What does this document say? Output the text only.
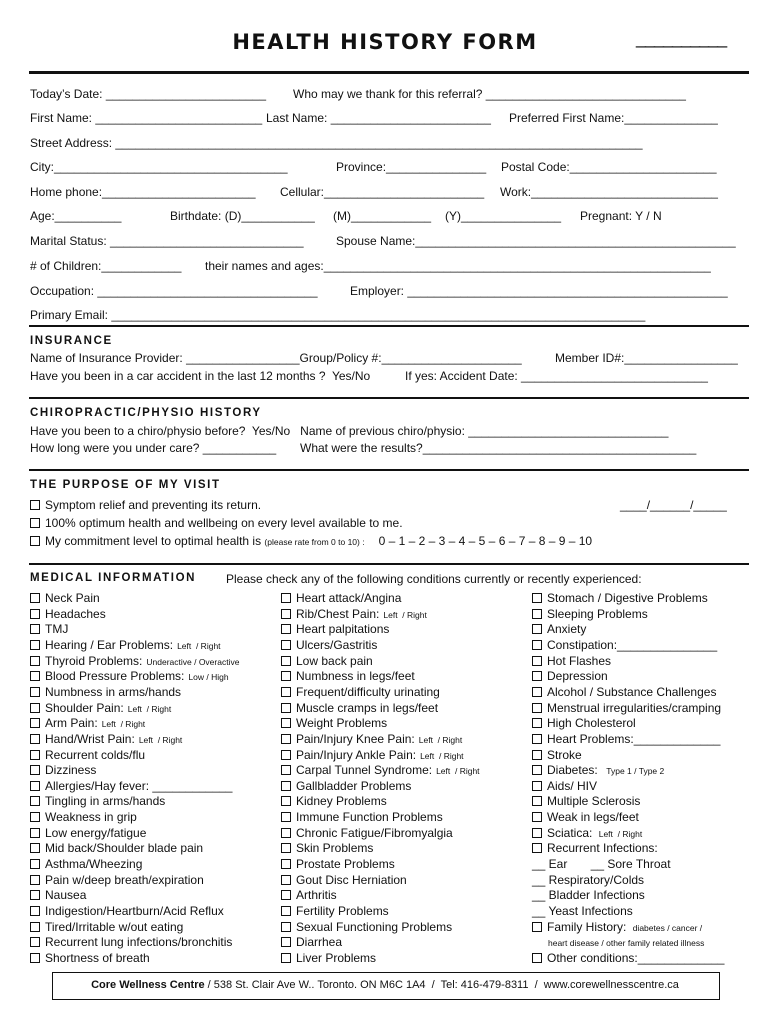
HEALTH HISTORY FORM	__________
Today’s Date: ________________________ Who may we thank for this referral? ______________________________
First Name: _________________________ Last Name: ________________________ Preferred First Name:______________
Street Address: _______________________________________________________________________________
City:___________________________________	Province:_______________ Postal Code:______________________
Home phone:_______________________ Cellular:________________________ Work:____________________________
Age:__________	Birthdate: (D)___________ (M)____________ (Y)_______________ Pregnant: Y / N
Marital Status: _____________________________	Spouse Name:________________________________________________
# of Children:____________ their names and ages:__________________________________________________________
Occupation: _________________________________	Employer: ________________________________________________
Primary Email: ________________________________________________________________________________
INSURANCE
Name of Insurance Provider: _________________Group/Policy #:_____________________	Member ID#:_________________
Have you been in a car accident in the last 12 months ?  Yes/No	If yes: Accident Date: ____________________________
CHIROPRACTIC/PHYSIO HISTORY
Have you been to a chiro/physio before?  Yes/No   Name of previous chiro/physio: ______________________________
How long were you under care? ___________ What were the results?_________________________________________
THE PURPOSE OF MY VISIT
Symptom relief and preventing its return.
100% optimum health and wellbeing on every level available to me.
My commitment level to optimal health is (please rate from 0 to 10) : 0 – 1 – 2 – 3 – 4 – 5 – 6 – 7 – 8 – 9 – 10
____/______/_____
MEDICAL INFORMATION Please check any of the following conditions currently or recently experienced:
Neck Pain
Headaches
TMJ
Hearing / Ear Problems: Left  / Right
Thyroid Problems: Underactive / Overactive
Blood Pressure Problems: Low / High
Numbness in arms/hands
Shoulder Pain: Left  / Right
Arm Pain: Left  / Right
Hand/Wrist Pain: Left  / Right
Recurrent colds/flu
Dizziness
Allergies/Hay fever: ____________
Tingling in arms/hands
Weakness in grip
Low energy/fatigue
Mid back/Shoulder blade pain
Asthma/Wheezing
Pain w/deep breath/expiration
Nausea
Indigestion/Heartburn/Acid Reflux
Tired/Irritable w/out eating
Recurrent lung infections/bronchitis
Shortness of breath
Heart attack/Angina
Rib/Chest Pain: Left  / Right
Heart palpitations
Ulcers/Gastritis
Low back pain
Numbness in legs/feet
Frequent/difficulty urinating
Muscle cramps in legs/feet
Weight Problems
Pain/Injury Knee Pain: Left  / Right
Pain/Injury Ankle Pain: Left  / Right
Carpal Tunnel Syndrome: Left  / Right
Gallbladder Problems
Kidney Problems
Immune Function Problems
Chronic Fatigue/Fibromyalgia
Skin Problems
Prostate Problems
Gout Disc Herniation
Arthritis
Fertility Problems
Sexual Functioning Problems
Diarrhea
Liver Problems
Stomach / Digestive Problems
Sleeping Problems
Anxiety
Constipation:_______________
Hot Flashes
Depression
Alcohol / Substance Challenges
Menstrual irregularities/cramping
High Cholesterol
Heart Problems:_____________
Stroke
Diabetes:  Type 1 / Type 2
Aids/ HIV
Multiple Sclerosis
Weak in legs/feet
Sciatica: Left  / Right
Recurrent Infections:
__ Ear       __ Sore Throat
__ Respiratory/Colds
__ Bladder Infections
__ Yeast Infections
Family History: diabetes / cancer /
heart disease / other family related illness
Other conditions:_____________
Core Wellness Centre / 538 St. Clair Ave W.. Toronto. ON M6C 1A4  /  Tel: 416-479-8311  /  www.corewellnesscentre.ca
